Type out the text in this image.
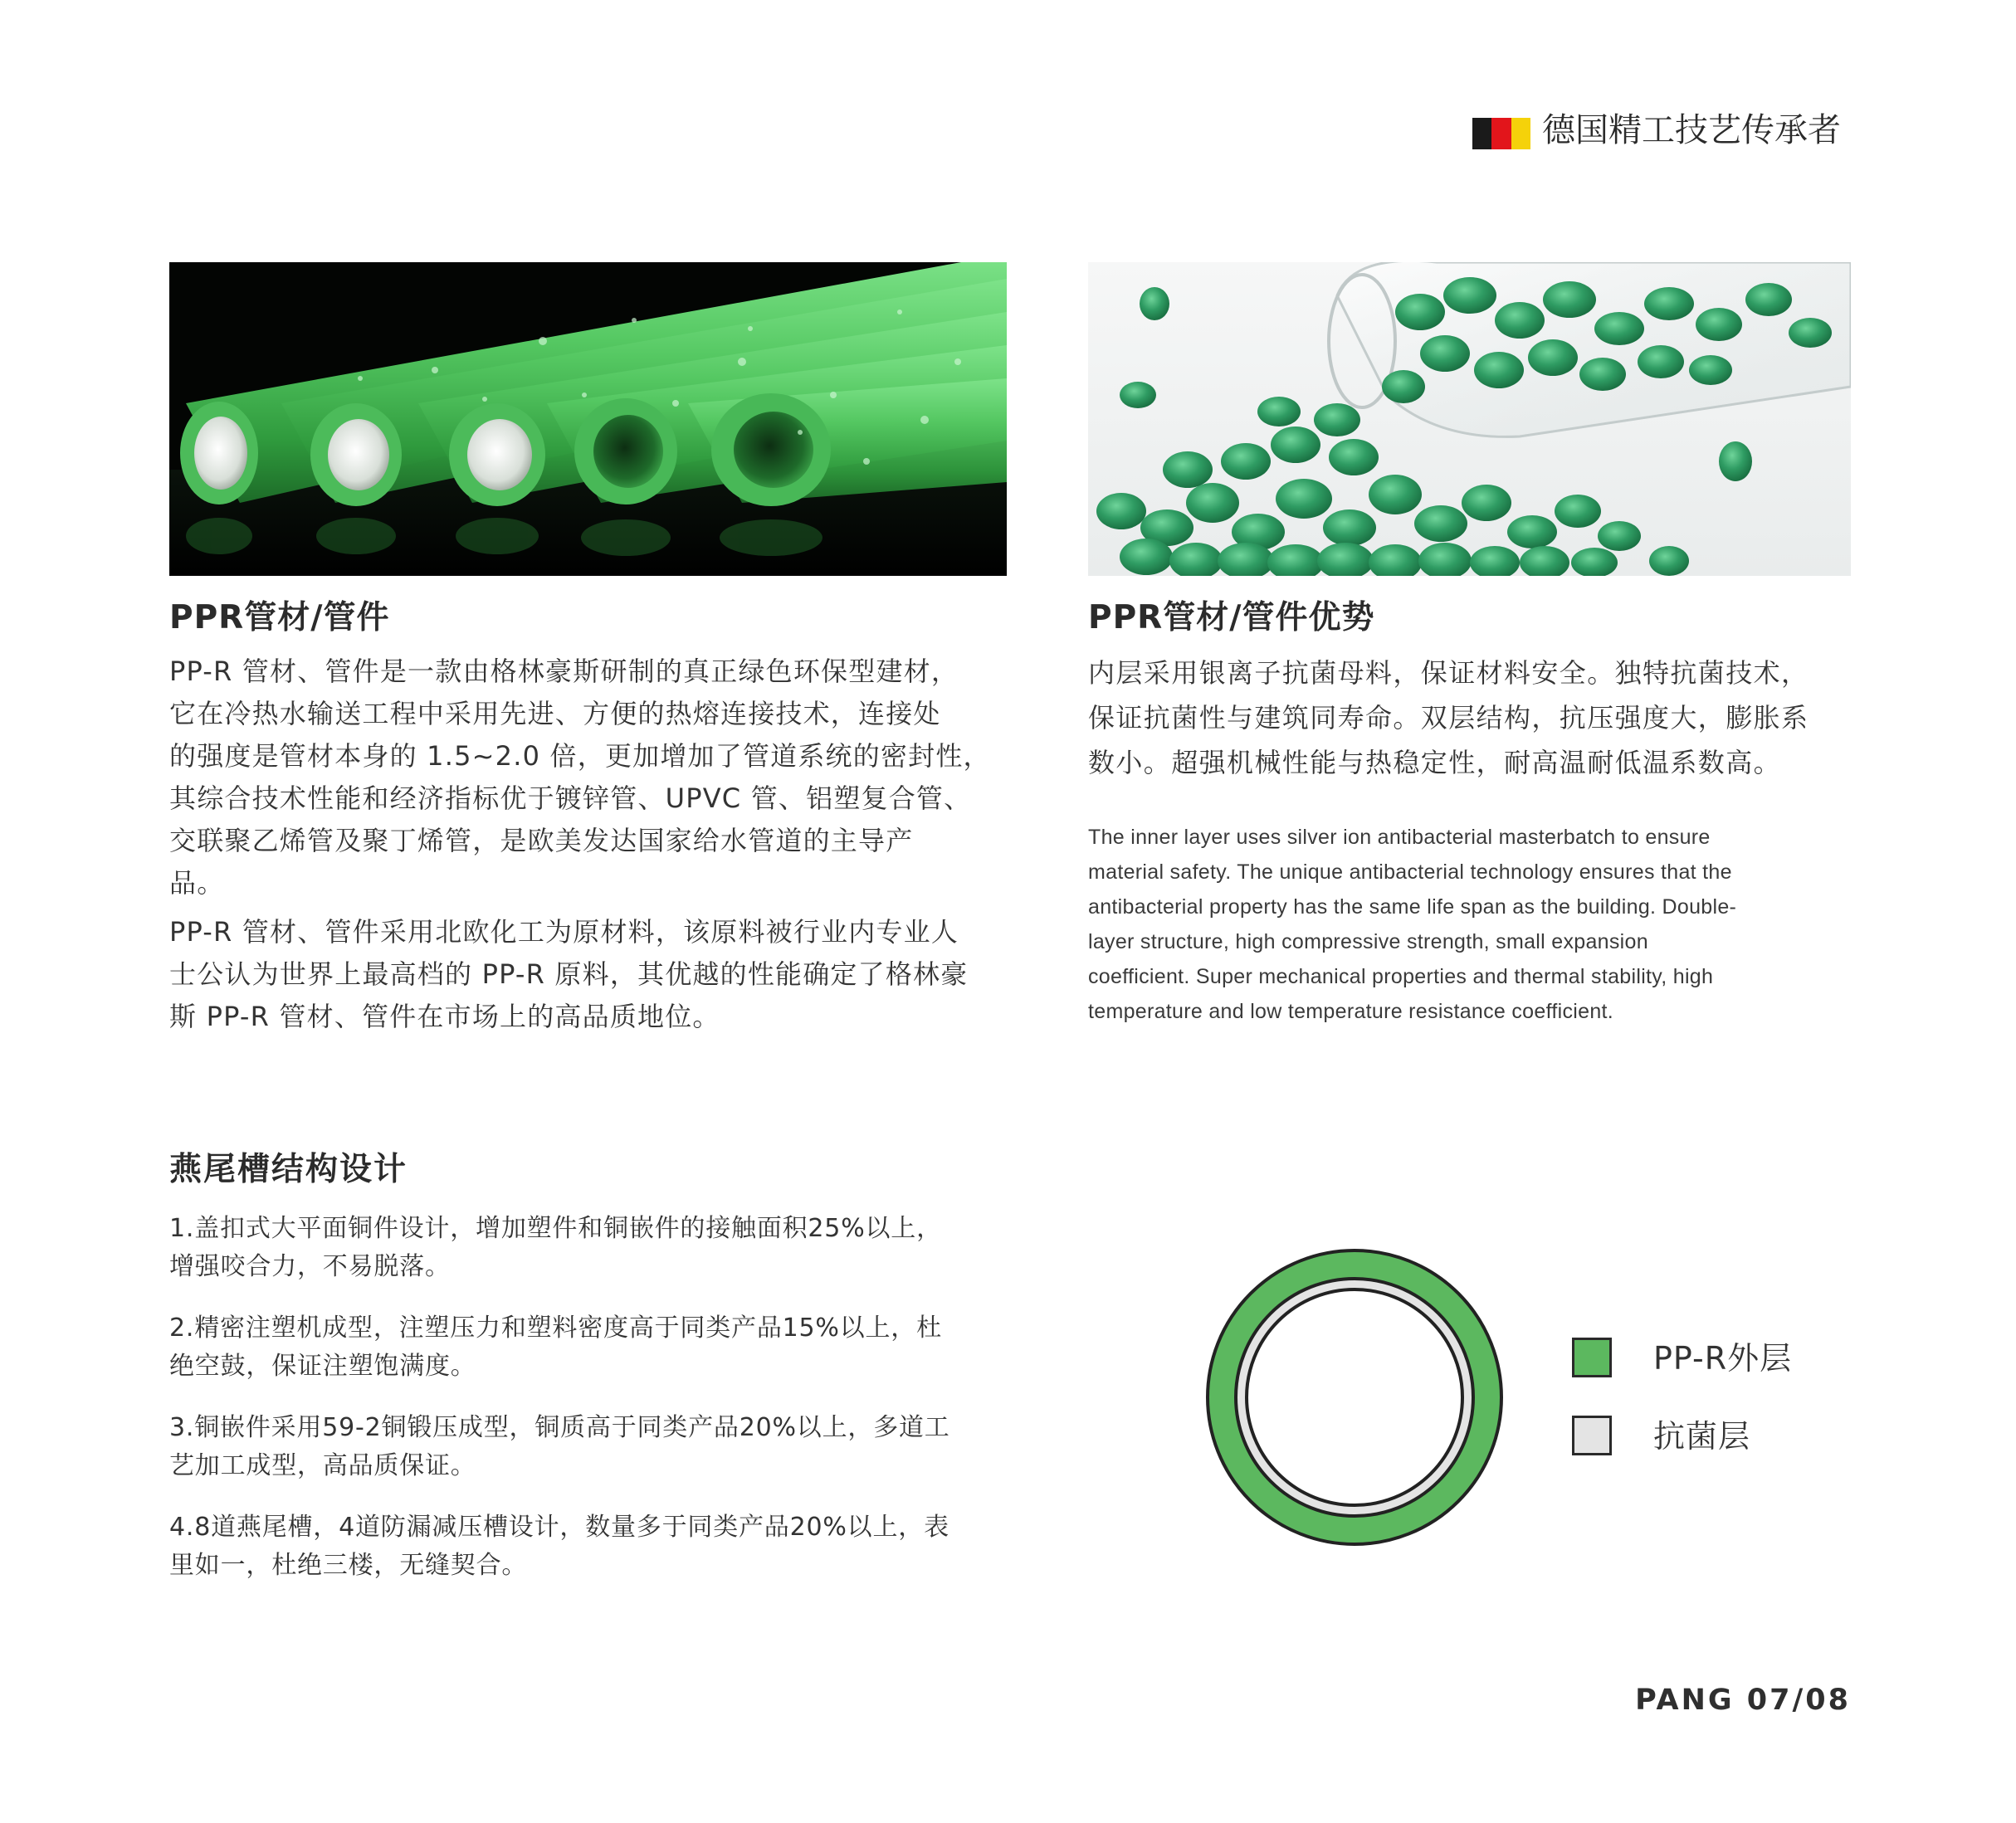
德国精工技艺传承者
PPR管材/管件
PP-R 管材、管件是一款由格林豪斯研制的真正绿色环保型建材，
它在冷热水输送工程中采用先进、方便的热熔连接技术，连接处
的强度是管材本身的 1.5~2.0 倍，更加增加了管道系统的密封性，
其综合技术性能和经济指标优于镀锌管、UPVC 管、铝塑复合管、
交联聚乙烯管及聚丁烯管，是欧美发达国家给水管道的主导产
品。
PP-R 管材、管件采用北欧化工为原材料，该原料被行业内专业人
士公认为世界上最高档的 PP-R 原料，其优越的性能确定了格林豪
斯 PP-R 管材、管件在市场上的高品质地位。
PPR管材/管件优势
内层采用银离子抗菌母料，保证材料安全。独特抗菌技术，
保证抗菌性与建筑同寿命。双层结构，抗压强度大，膨胀系
数小。超强机械性能与热稳定性，耐高温耐低温系数高。
The inner layer uses silver ion antibacterial masterbatch to ensure
material safety. The unique antibacterial technology ensures that the
antibacterial property has the same life span as the building. Double-
layer structure, high compressive strength, small expansion
coefficient. Super mechanical properties and thermal stability, high
temperature and low temperature resistance coefficient.
燕尾槽结构设计
1.盖扣式大平面铜件设计，增加塑件和铜嵌件的接触面积25%以上，
增强咬合力，不易脱落。
2.精密注塑机成型，注塑压力和塑料密度高于同类产品15%以上，杜
绝空鼓，保证注塑饱满度。
3.铜嵌件采用59-2铜锻压成型，铜质高于同类产品20%以上，多道工
艺加工成型，高品质保证。
4.8道燕尾槽，4道防漏减压槽设计，数量多于同类产品20%以上，表
里如一，杜绝三楼，无缝契合。
PP-R外层
抗菌层
PANG 07/08
